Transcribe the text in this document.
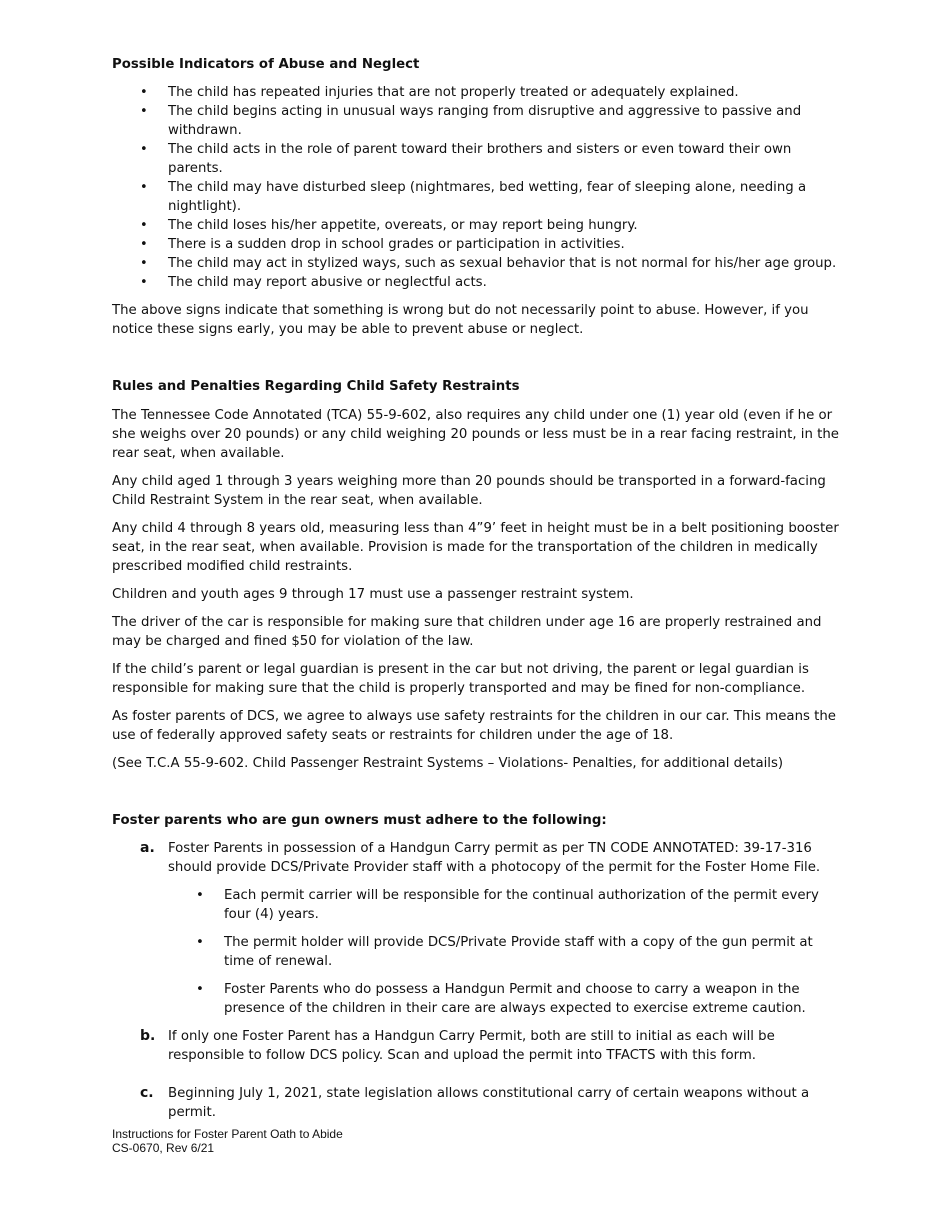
Possible Indicators of Abuse and Neglect
• The child has repeated injuries that are not properly treated or adequately explained.
• The child begins acting in unusual ways ranging from disruptive and aggressive to passive and withdrawn.
• The child acts in the role of parent toward their brothers and sisters or even toward their own parents.
• The child may have disturbed sleep (nightmares, bed wetting, fear of sleeping alone, needing a nightlight).
• The child loses his/her appetite, overeats, or may report being hungry.
• There is a sudden drop in school grades or participation in activities.
• The child may act in stylized ways, such as sexual behavior that is not normal for his/her age group.
• The child may report abusive or neglectful acts.

The above signs indicate that something is wrong but do not necessarily point to abuse. However, if you notice these signs early, you may be able to prevent abuse or neglect.

Rules and Penalties Regarding Child Safety Restraints

The Tennessee Code Annotated (TCA) 55-9-602, also requires any child under one (1) year old (even if he or she weighs over 20 pounds) or any child weighing 20 pounds or less must be in a rear facing restraint, in the rear seat, when available.

Any child aged 1 through 3 years weighing more than 20 pounds should be transported in a forward-facing Child Restraint System in the rear seat, when available.

Any child 4 through 8 years old, measuring less than 4”9’ feet in height must be in a belt positioning booster seat, in the rear seat, when available. Provision is made for the transportation of the children in medically prescribed modified child restraints.

Children and youth ages 9 through 17 must use a passenger restraint system.

The driver of the car is responsible for making sure that children under age 16 are properly restrained and may be charged and fined $50 for violation of the law.

If the child’s parent or legal guardian is present in the car but not driving, the parent or legal guardian is responsible for making sure that the child is properly transported and may be fined for non-compliance.

As foster parents of DCS, we agree to always use safety restraints for the children in our car. This means the use of federally approved safety seats or restraints for children under the age of 18.

(See T.C.A 55-9-602. Child Passenger Restraint Systems – Violations- Penalties, for additional details)

Foster parents who are gun owners must adhere to the following:
a. Foster Parents in possession of a Handgun Carry permit as per TN CODE ANNOTATED: 39-17-316 should provide DCS/Private Provider staff with a photocopy of the permit for the Foster Home File.
• Each permit carrier will be responsible for the continual authorization of the permit every four (4) years.
• The permit holder will provide DCS/Private Provide staff with a copy of the gun permit at time of renewal.
• Foster Parents who do possess a Handgun Permit and choose to carry a weapon in the presence of the children in their care are always expected to exercise extreme caution.
b. If only one Foster Parent has a Handgun Carry Permit, both are still to initial as each will be responsible to follow DCS policy. Scan and upload the permit into TFACTS with this form.
c. Beginning July 1, 2021, state legislation allows constitutional carry of certain weapons without a permit.
Instructions for Foster Parent Oath to Abide
CS-0670, Rev 6/21
